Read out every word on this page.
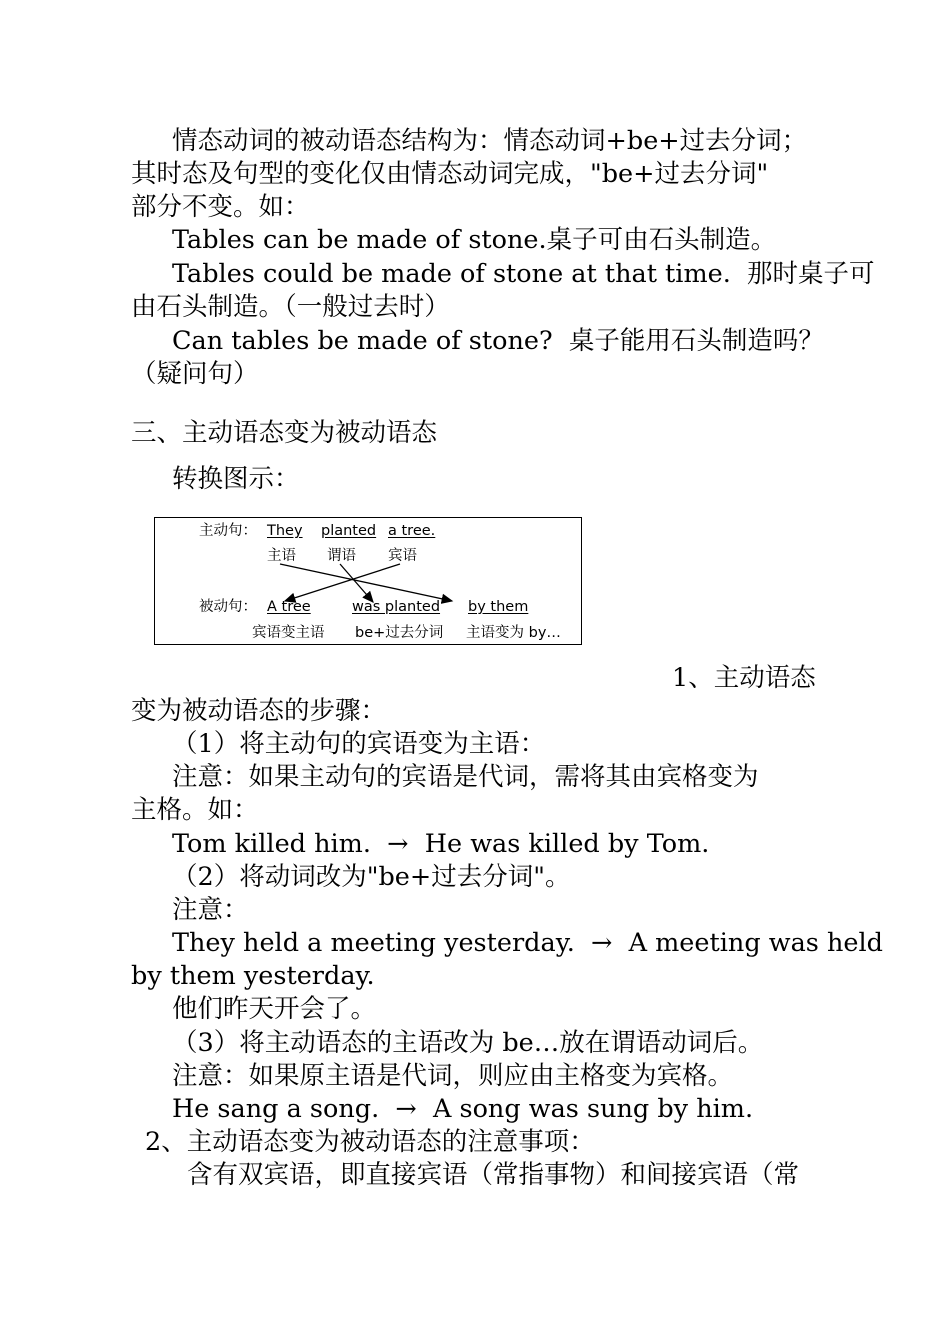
情态动词的被动语态结构为：情态动词+be+过去分词；
其时态及句型的变化仅由情态动词完成，"be+过去分词"
部分不变。如：
Tables can be made of stone.桌子可由石头制造。
Tables could be made of stone at that time.  那时桌子可
由石头制造。（一般过去时）
Can tables be made of stone?  桌子能用石头制造吗？
（疑问句）
三、主动语态变为被动语态
转换图示：
主动句： They planted a tree.
主语 谓语 宾语
被动句： A tree	was planted by them
宾语变主语 be+过去分词 主语变为 by…
1、主动语态
变为被动语态的步骤：
（1）将主动句的宾语变为主语：
注意：如果主动句的宾语是代词，需将其由宾格变为
主格。如：
Tom killed him.  →  He was killed by Tom.
（2）将动词改为"be+过去分词"。
注意：
They held a meeting yesterday.  →  A meeting was held
by them yesterday.
他们昨天开会了。
（3）将主动语态的主语改为 be…放在谓语动词后。
注意：如果原主语是代词，则应由主格变为宾格。
He sang a song.  →  A song was sung by him.
2、主动语态变为被动语态的注意事项：
含有双宾语，即直接宾语（常指事物）和间接宾语（常
